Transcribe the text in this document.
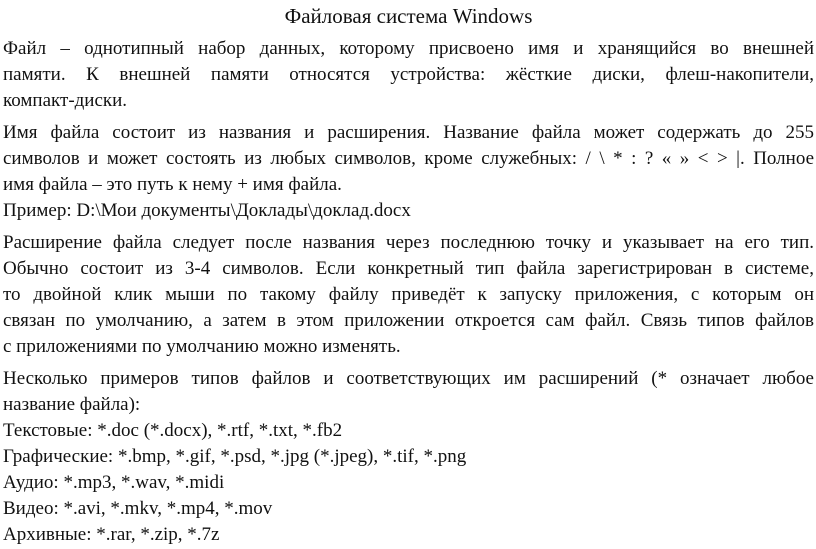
Файловая система Windows
Файл – однотипный набор данных, которому присвоено имя и хранящийся во внешней
памяти. К внешней памяти относятся устройства: жёсткие диски, флеш-накопители,
компакт-диски.
Имя файла состоит из названия и расширения. Название файла может содержать до 255
символов и может состоять из любых символов, кроме служебных: / \ * : ? « » < > |. Полное
имя файла – это путь к нему + имя файла.
Пример: D:\Мои документы\Доклады\доклад.docx
Расширение файла следует после названия через последнюю точку и указывает на его тип.
Обычно состоит из 3-4 символов. Если конкретный тип файла зарегистрирован в системе,
то двойной клик мыши по такому файлу приведёт к запуску приложения, с которым он
связан по умолчанию, а затем в этом приложении откроется сам файл. Связь типов файлов
с приложениями по умолчанию можно изменять.
Несколько примеров типов файлов и соответствующих им расширений (* означает любое
название файла):
Текстовые: *.doc (*.docx), *.rtf, *.txt, *.fb2
Графические: *.bmp, *.gif, *.psd, *.jpg (*.jpeg), *.tif, *.png
Аудио: *.mp3, *.wav, *.midi
Видео: *.avi, *.mkv, *.mp4, *.mov
Архивные: *.rar, *.zip, *.7z
